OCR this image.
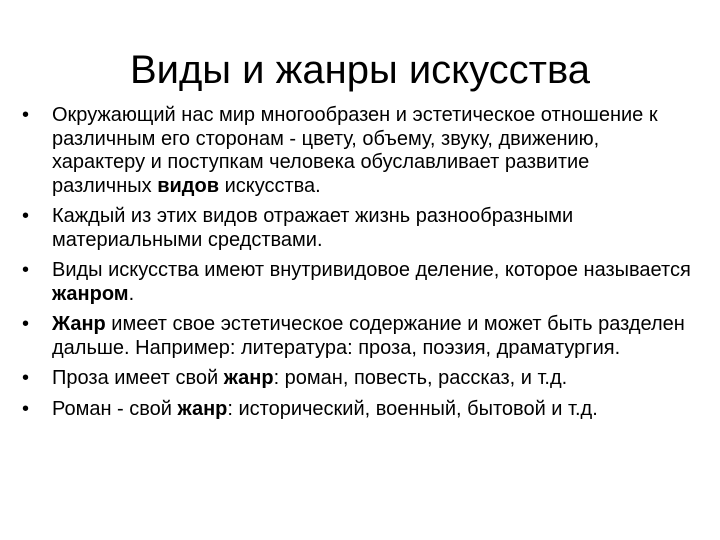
Виды и жанры искусства
• Окружающий нас мир многообразен и эстетическое отношение к различным его сторонам - цвету, объему, звуку, движению, характеру и поступкам человека обуславливает развитие различных видов искусства.
• Каждый из этих видов отражает жизнь разнообразными материальными средствами.
• Виды искусства имеют внутривидовое деление, которое называется жанром.
• Жанр имеет свое эстетическое содержание и может быть разделен дальше. Например: литература: проза, поэзия, драматургия.
• Проза имеет свой жанр: роман, повесть, рассказ, и т.д.
• Роман - свой жанр: исторический, военный, бытовой и т.д.
